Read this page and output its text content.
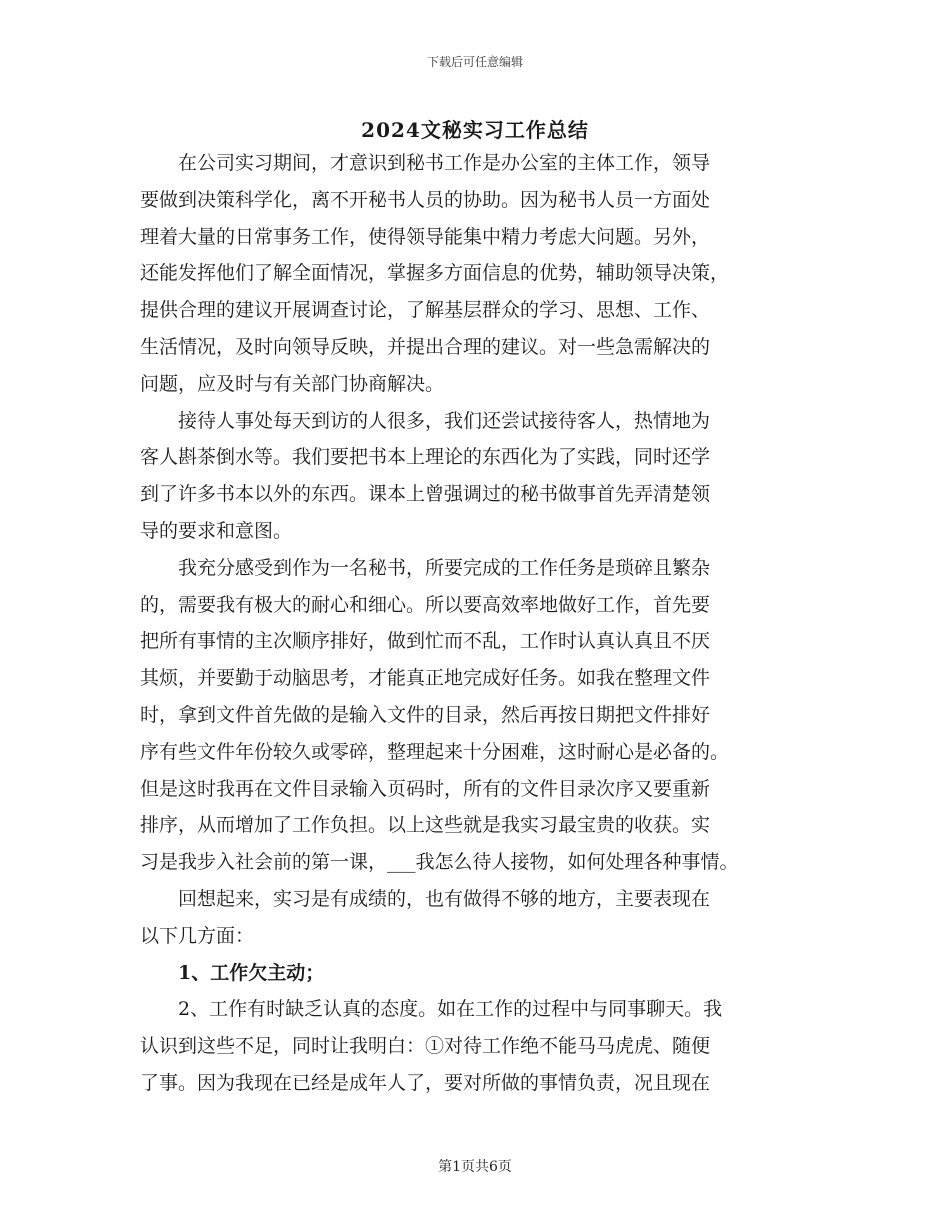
下载后可任意编辑
2024文秘实习工作总结
在公司实习期间，才意识到秘书工作是办公室的主体工作，领导
要做到决策科学化，离不开秘书人员的协助。因为秘书人员一方面处
理着大量的日常事务工作，使得领导能集中精力考虑大问题。另外，
还能发挥他们了解全面情况，掌握多方面信息的优势，辅助领导决策，
提供合理的建议开展调查讨论，了解基层群众的学习、思想、工作、
生活情况，及时向领导反映，并提出合理的建议。对一些急需解决的
问题，应及时与有关部门协商解决。
接待人事处每天到访的人很多，我们还尝试接待客人，热情地为
客人斟茶倒水等。我们要把书本上理论的东西化为了实践，同时还学
到了许多书本以外的东西。课本上曾强调过的秘书做事首先弄清楚领
导的要求和意图。
我充分感受到作为一名秘书，所要完成的工作任务是琐碎且繁杂
的，需要我有极大的耐心和细心。所以要高效率地做好工作，首先要
把所有事情的主次顺序排好，做到忙而不乱，工作时认真认真且不厌
其烦，并要勤于动脑思考，才能真正地完成好任务。如我在整理文件
时，拿到文件首先做的是输入文件的目录，然后再按日期把文件排好
序有些文件年份较久或零碎，整理起来十分困难，这时耐心是必备的。
但是这时我再在文件目录输入页码时，所有的文件目录次序又要重新
排序，从而增加了工作负担。以上这些就是我实习最宝贵的收获。实
习是我步入社会前的第一课，___我怎么待人接物，如何处理各种事情。
回想起来，实习是有成绩的，也有做得不够的地方，主要表现在
以下几方面：
1、工作欠主动；
2、工作有时缺乏认真的态度。如在工作的过程中与同事聊天。我
认识到这些不足，同时让我明白：①对待工作绝不能马马虎虎、随便
了事。因为我现在已经是成年人了，要对所做的事情负责，况且现在
第1页共6页
